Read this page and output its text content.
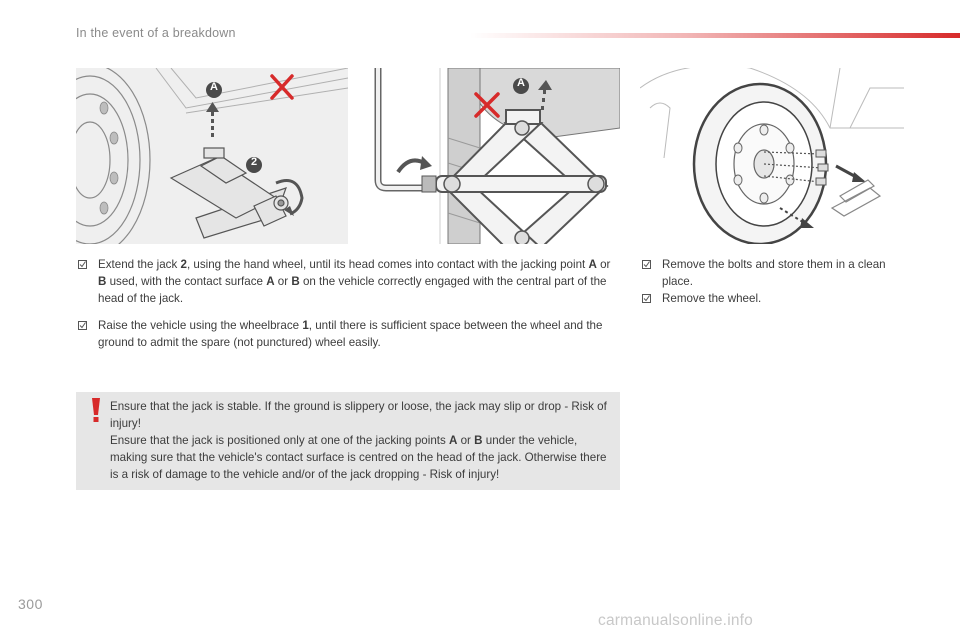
In the event of a breakdown
A
2
A
Extend the jack 2, using the hand wheel, until its head comes into contact with the jacking point A or B used, with the contact surface A or B on the vehicle correctly engaged with the central part of the head of the jack.
Raise the vehicle using the wheelbrace 1, until there is sufficient space between the wheel and the ground to admit the spare (not punctured) wheel easily.
Remove the bolts and store them in a clean place.
Remove the wheel.
Ensure that the jack is stable. If the ground is slippery or loose, the jack may slip or drop - Risk of injury!
Ensure that the jack is positioned only at one of the jacking points A or B under the vehicle, making sure that the vehicle's contact surface is centred on the head of the jack. Otherwise there is a risk of damage to the vehicle and/or of the jack dropping - Risk of injury!
300
carmanualsonline.info
